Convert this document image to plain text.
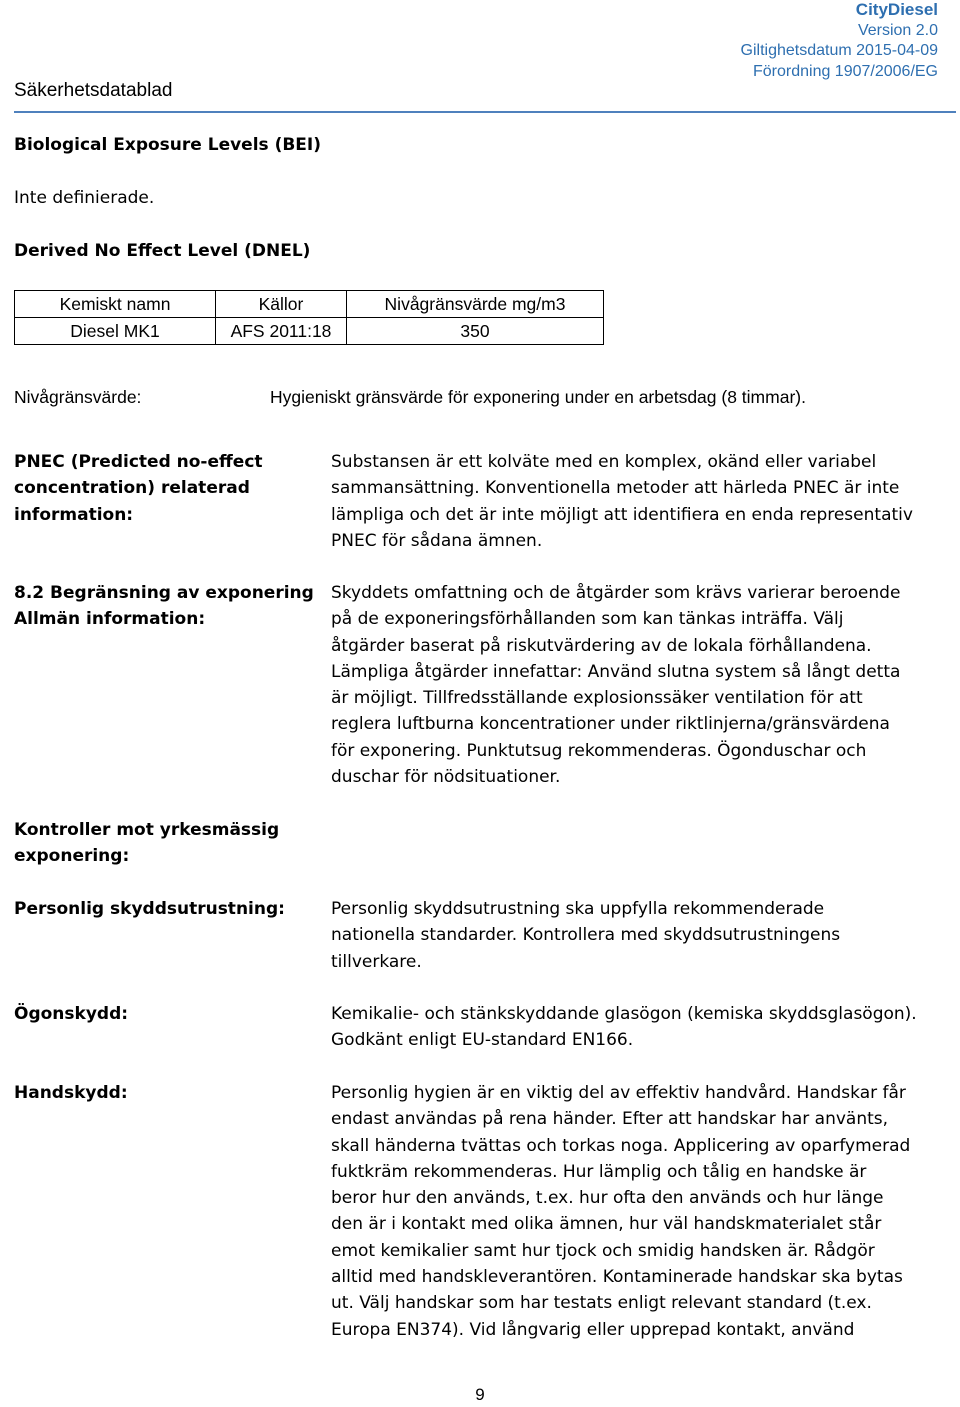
Säkerhetsdatablad
CityDiesel
Version 2.0
Giltighetsdatum 2015-04-09
Förordning 1907/2006/EG
Biological Exposure Levels (BEI)
Inte definierade.
Derived No Effect Level (DNEL)
Kemiskt namn	Källor	Nivågränsvärde mg/m3
Diesel MK1	AFS 2011:18	350
Nivågränsvärde:	Hygieniskt gränsvärde för exponering under en arbetsdag (8 timmar).
PNEC (Predicted no-effect
concentration) relaterad
information:
Substansen är ett kolväte med en komplex, okänd eller variabel
sammansättning. Konventionella metoder att härleda PNEC är inte
lämpliga och det är inte möjligt att identifiera en enda representativ
PNEC för sådana ämnen.
8.2 Begränsning av exponering
Allmän information:
Skyddets omfattning och de åtgärder som krävs varierar beroende
på de exponeringsförhållanden som kan tänkas inträffa. Välj
åtgärder baserat på riskutvärdering av de lokala förhållandena.
Lämpliga åtgärder innefattar: Använd slutna system så långt detta
är möjligt. Tillfredsställande explosionssäker ventilation för att
reglera luftburna koncentrationer under riktlinjerna/gränsvärdena
för exponering. Punktutsug rekommenderas. Ögonduschar och
duschar för nödsituationer.
Kontroller mot yrkesmässig
exponering:
Personlig skyddsutrustning:	Personlig skyddsutrustning ska uppfylla rekommenderade
nationella standarder. Kontrollera med skyddsutrustningens
tillverkare.
Ögonskydd:	Kemikalie- och stänkskyddande glasögon (kemiska skyddsglasögon).
Godkänt enligt EU-standard EN166.
Handskydd:	Personlig hygien är en viktig del av effektiv handvård. Handskar får
endast användas på rena händer. Efter att handskar har använts,
skall händerna tvättas och torkas noga. Applicering av oparfymerad
fuktkräm rekommenderas. Hur lämplig och tålig en handske är
beror hur den används, t.ex. hur ofta den används och hur länge
den är i kontakt med olika ämnen, hur väl handskmaterialet står
emot kemikalier samt hur tjock och smidig handsken är. Rådgör
alltid med handskleverantören. Kontaminerade handskar ska bytas
ut. Välj handskar som har testats enligt relevant standard (t.ex.
Europa EN374). Vid långvarig eller upprepad kontakt, använd
9
